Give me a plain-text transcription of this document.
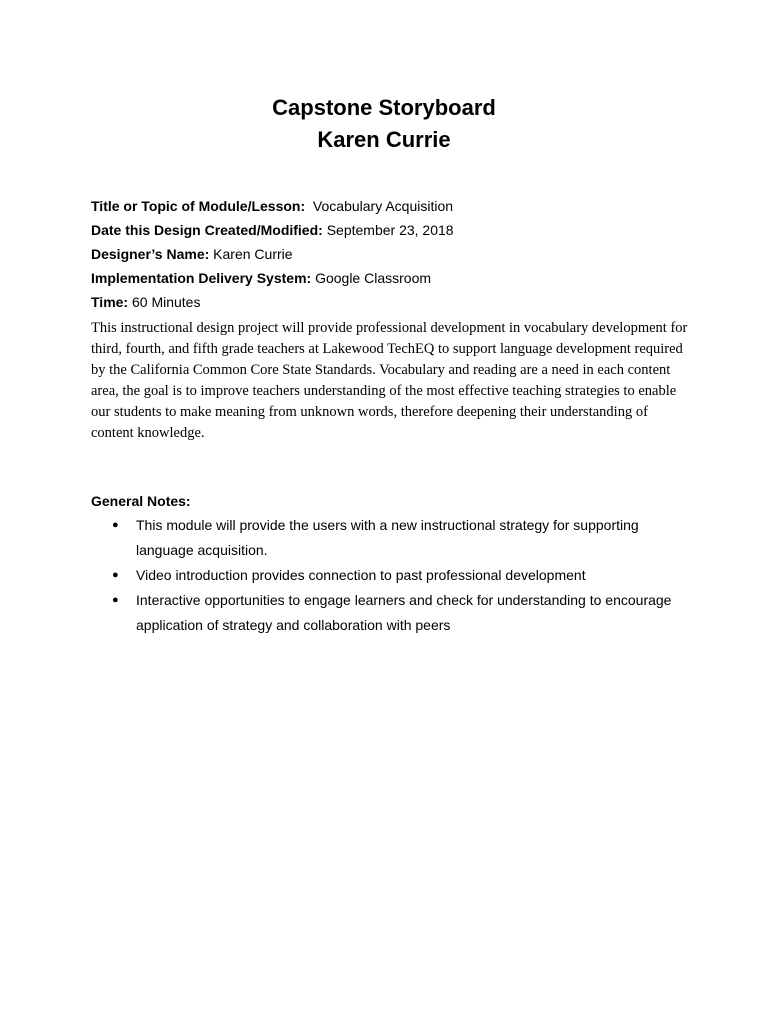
Capstone Storyboard
Karen Currie
Title or Topic of Module/Lesson:  Vocabulary Acquisition
Date this Design Created/Modified: September 23, 2018
Designer’s Name: Karen Currie
Implementation Delivery System: Google Classroom
Time: 60 Minutes

This instructional design project will provide professional development in vocabulary development for third, fourth, and fifth grade teachers at Lakewood TechEQ to support language development required by the California Common Core State Standards. Vocabulary and reading are a need in each content area, the goal is to improve teachers understanding of the most effective teaching strategies to enable our students to make meaning from unknown words, therefore deepening their understanding of content knowledge.

General Notes:
● This module will provide the users with a new instructional strategy for supporting language acquisition.
● Video introduction provides connection to past professional development
● Interactive opportunities to engage learners and check for understanding to encourage application of strategy and collaboration with peers
